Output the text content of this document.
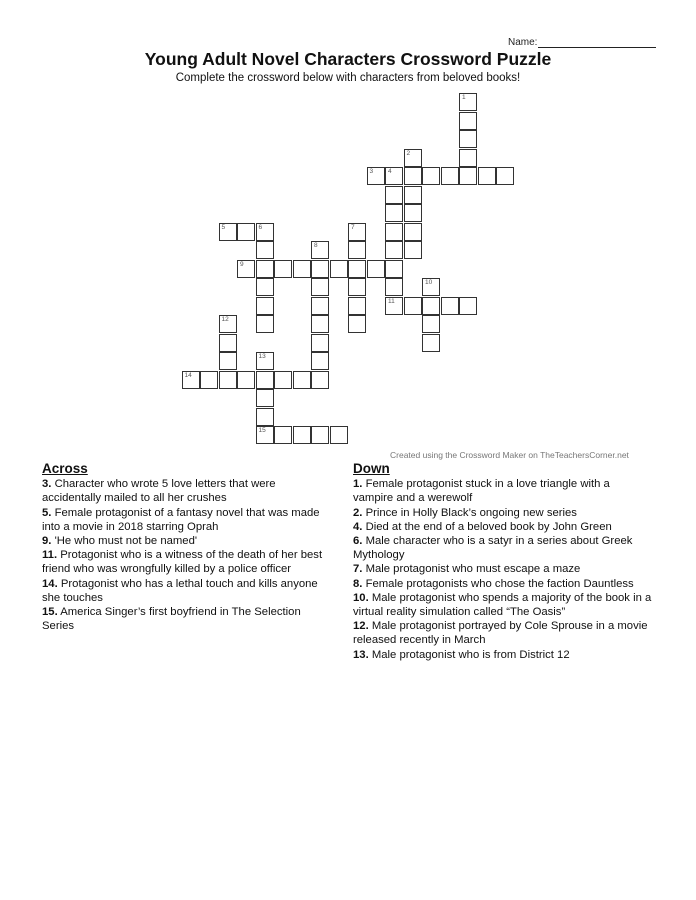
Name:
Young Adult Novel Characters Crossword Puzzle
Complete the crossword below with characters from beloved books!
1
2
3 4
11
5	6	7
8
9
10
12
13
15
14
Created using the Crossword Maker on TheTeachersCorner.net
Across
3. Character who wrote 5 love letters that were accidentally mailed to all her crushes
5. Female protagonist of a fantasy novel that was made into a movie in 2018 starring Oprah
9. 'He who must not be named'
11. Protagonist who is a witness of the death of her best friend who was wrongfully killed by a police officer
14. Protagonist who has a lethal touch and kills anyone she touches
15. America Singer’s first boyfriend in The Selection Series
Down
1. Female protagonist stuck in a love triangle with a vampire and a werewolf
2. Prince in Holly Black’s ongoing new series
4. Died at the end of a beloved book by John Green
6. Male character who is a satyr in a series about Greek Mythology
7. Male protagonist who must escape a maze
8. Female protagonists who chose the faction Dauntless
10. Male protagonist who spends a majority of the book in a virtual reality simulation called “The Oasis”
12. Male protagonist portrayed by Cole Sprouse in a movie released recently in March
13. Male protagonist who is from District 12
